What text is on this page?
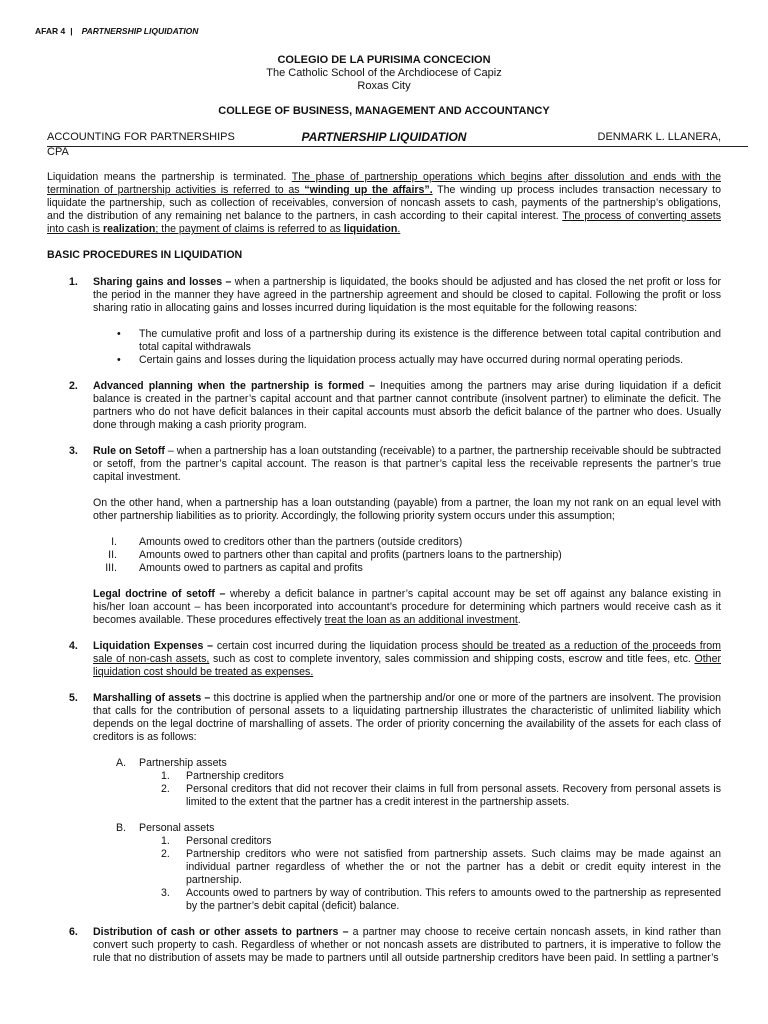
AFAR 4 | PARTNERSHIP LIQUIDATION
COLEGIO DE LA PURISIMA CONCECION
The Catholic School of the Archdiocese of Capiz
Roxas City
COLLEGE OF BUSINESS, MANAGEMENT AND ACCOUNTANCY
ACCOUNTING FOR PARTNERSHIPS	PARTNERSHIP LIQUIDATION	DENMARK L. LLANERA,
CPA

Liquidation means the partnership is terminated. The phase of partnership operations which begins after dissolution and ends with the termination of partnership activities is referred to as “winding up the affairs”. The winding up process includes transaction necessary to liquidate the partnership, such as collection of receivables, conversion of noncash assets to cash, payments of the partnership’s obligations, and the distribution of any remaining net balance to the partners, in cash according to their capital interest. The process of converting assets into cash is realization; the payment of claims is referred to as liquidation.

BASIC PROCEDURES IN LIQUIDATION
1. Sharing gains and losses – when a partnership is liquidated, the books should be adjusted and has closed the net profit or loss for the period in the manner they have agreed in the partnership agreement and should be closed to capital. Following the profit or loss sharing ratio in allocating gains and losses incurred during liquidation is the most equitable for the following reasons:

• The cumulative profit and loss of a partnership during its existence is the difference between total capital contribution and total capital withdrawals

• Certain gains and losses during the liquidation process actually may have occurred during normal operating periods.

2. Advanced planning when the partnership is formed – Inequities among the partners may arise during liquidation if a deficit balance is created in the partner’s capital account and that partner cannot contribute (insolvent partner) to eliminate the deficit. The partners who do not have deficit balances in their capital accounts must absorb the deficit balance of the partner who does. Usually done through making a cash priority program.

3. Rule on Setoff – when a partnership has a loan outstanding (receivable) to a partner, the partnership receivable should be subtracted or setoff, from the partner’s capital account. The reason is that partner’s capital less the receivable represents the partner’s true capital investment.

On the other hand, when a partnership has a loan outstanding (payable) from a partner, the loan my not rank on an equal level with other partnership liabilities as to priority. Accordingly, the following priority system occurs under this assumption;

I. Amounts owed to creditors other than the partners (outside creditors)
II. Amounts owed to partners other than capital and profits (partners loans to the partnership)
III. Amounts owed to partners as capital and profits

Legal doctrine of setoff – whereby a deficit balance in partner’s capital account may be set off against any balance existing in his/her loan account – has been incorporated into accountant’s procedure for determining which partners would receive cash as it becomes available. These procedures effectively treat the loan as an additional investment.

4. Liquidation Expenses – certain cost incurred during the liquidation process should be treated as a reduction of the proceeds from sale of non-cash assets, such as cost to complete inventory, sales commission and shipping costs, escrow and title fees, etc. Other liquidation cost should be treated as expenses.

5. Marshalling of assets – this doctrine is applied when the partnership and/or one or more of the partners are insolvent. The provision that calls for the contribution of personal assets to a liquidating partnership illustrates the characteristic of unlimited liability which depends on the legal doctrine of marshalling of assets. The order of priority concerning the availability of the assets for each class of creditors is as follows:

A. Partnership assets
1. Partnership creditors

2. Personal creditors that did not recover their claims in full from personal assets. Recovery from personal assets is limited to the extent that the partner has a credit interest in the partnership assets.

B. Personal assets
1. Personal creditors

2. Partnership creditors who were not satisfied from partnership assets. Such claims may be made against an individual partner regardless of whether the or not the partner has a debit or credit equity interest in the partnership.

3. Accounts owed to partners by way of contribution. This refers to amounts owed to the partnership as represented by the partner’s debit capital (deficit) balance.

6. Distribution of cash or other assets to partners – a partner may choose to receive certain noncash assets, in kind rather than convert such property to cash. Regardless of whether or not noncash assets are distributed to partners, it is imperative to follow the rule that no distribution of assets may be made to partners until all outside partnership creditors have been paid. In settling a partner’s
